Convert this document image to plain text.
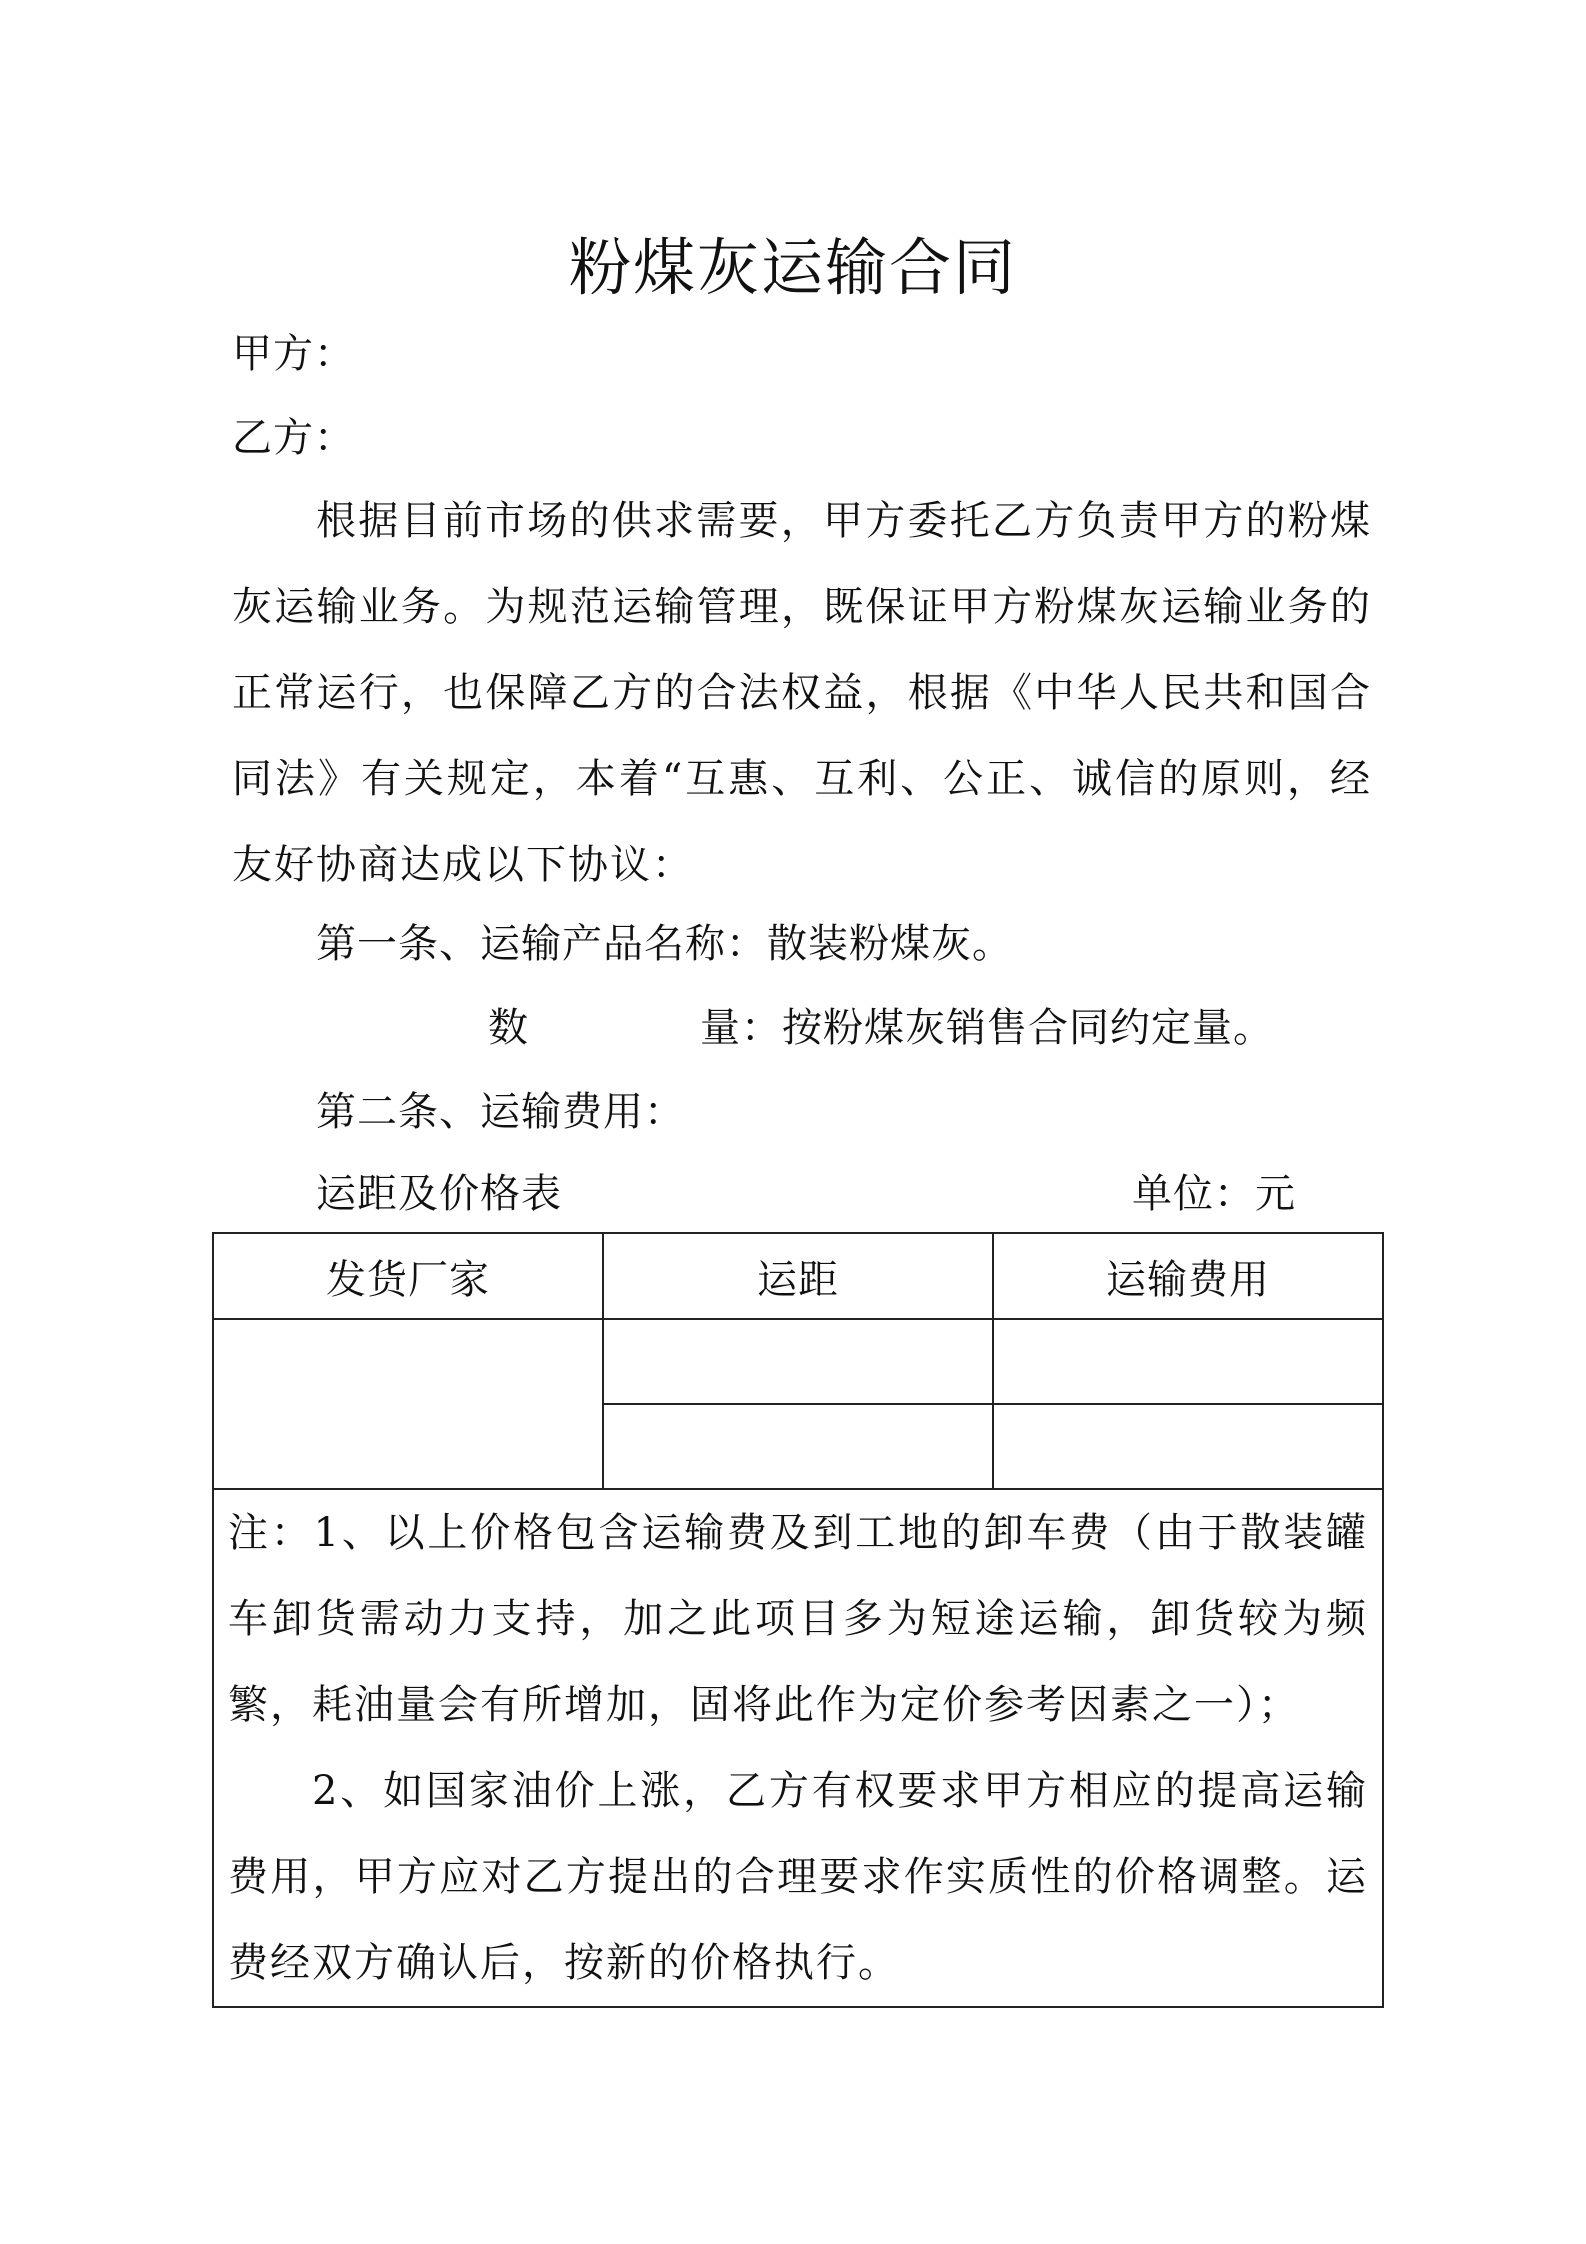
粉煤灰运输合同
甲方：
乙方：

根据目前市场的供求需要，甲方委托乙方负责甲方的粉煤灰运输业务。为规范运输管理，既保证甲方粉煤灰运输业务的正常运行，也保障乙方的合法权益，根据《中华人民共和国合同法》有关规定，本着“互惠、互利、公正、诚信的原则，经友好协商达成以下协议：

第一条、运输产品名称：散装粉煤灰。
数	量：按粉煤灰销售合同约定量。
第二条、运输费用：
运距及价格表	单位：元
发货厂家	运距	运输费用

注：1、以上价格包含运输费及到工地的卸车费（由于散装罐车卸货需动力支持，加之此项目多为短途运输，卸货较为频繁，耗油量会有所增加，固将此作为定价参考因素之一）；

2、如国家油价上涨，乙方有权要求甲方相应的提高运输费用，甲方应对乙方提出的合理要求作实质性的价格调整。运费经双方确认后，按新的价格执行。		
